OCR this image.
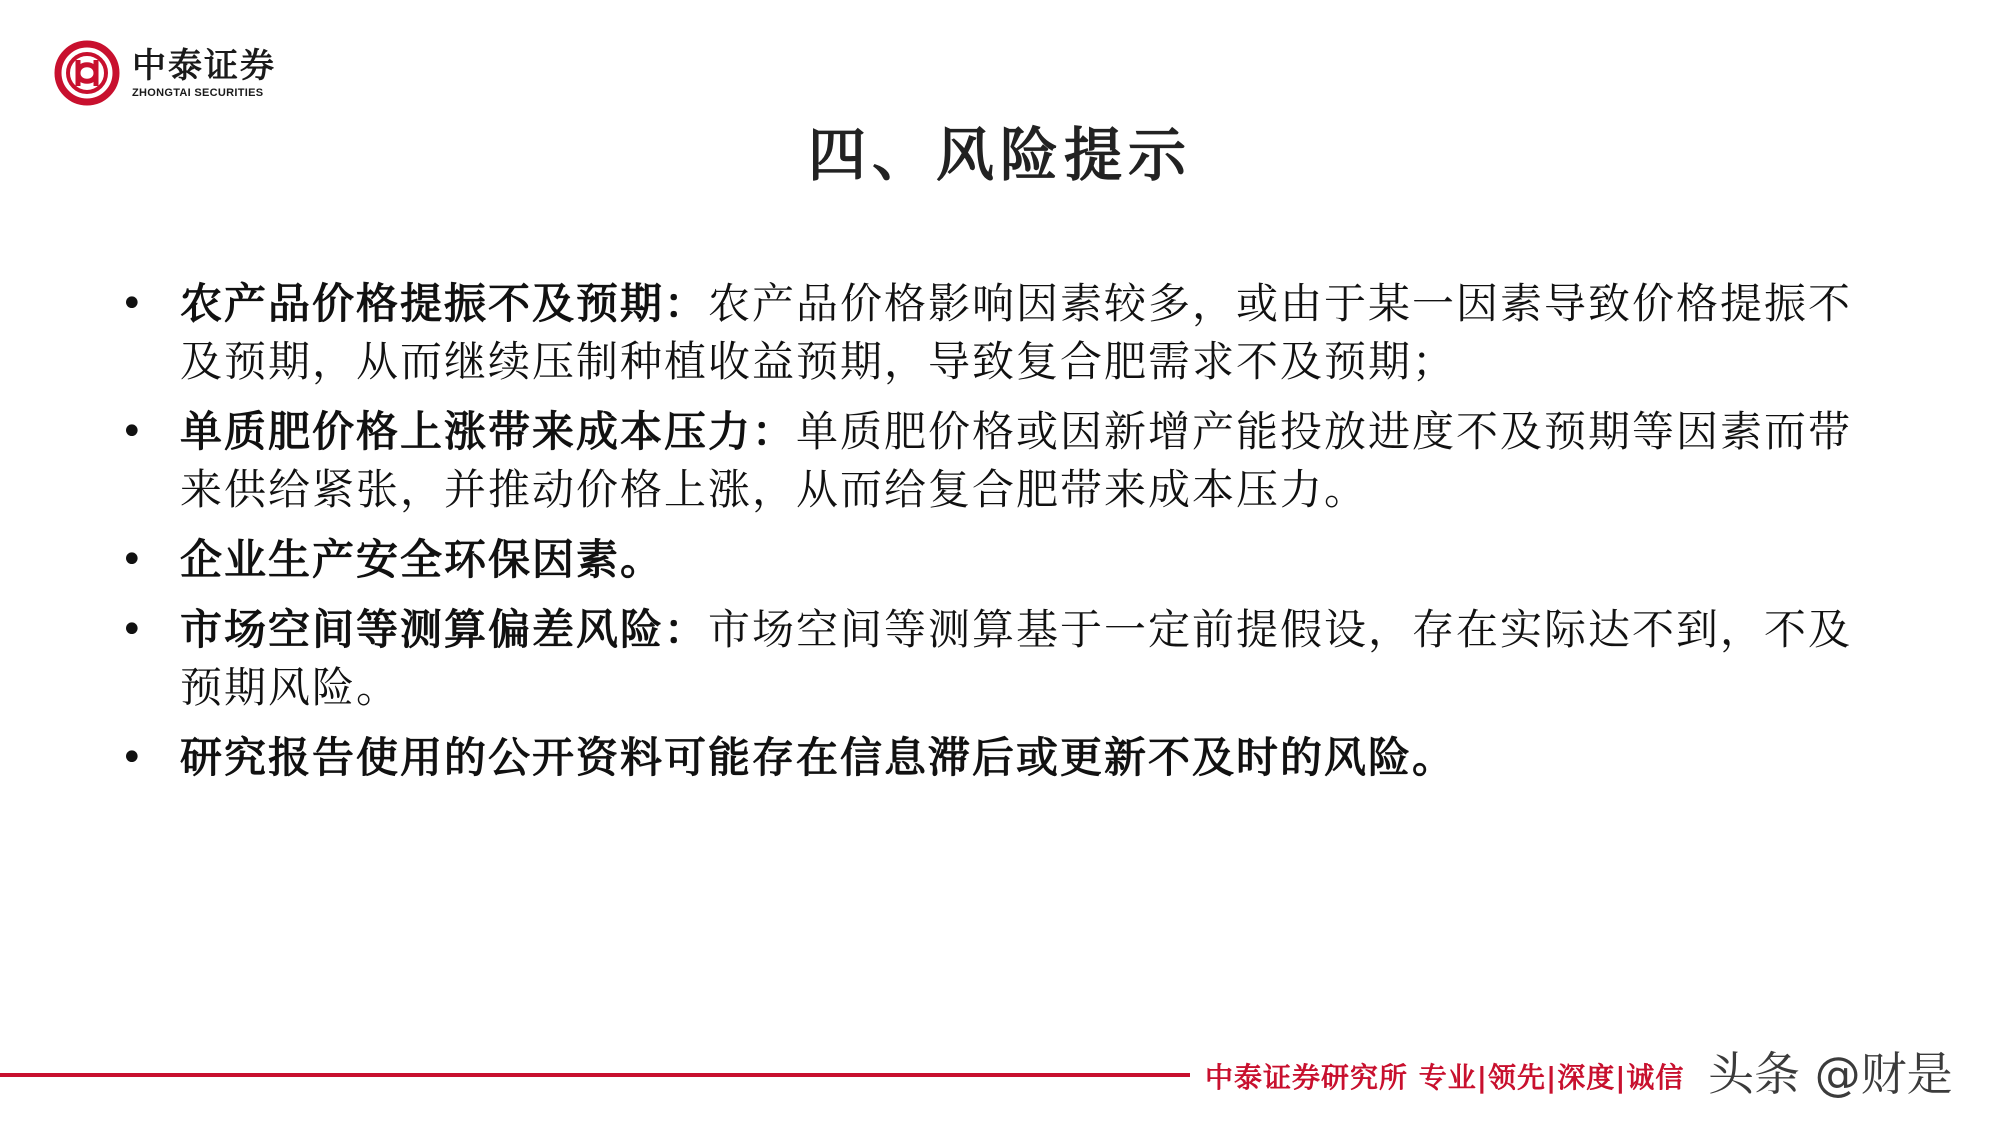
中泰证券
ZHONGTAI SECURITIES
四、风险提示
• 农产品价格提振不及预期：农产品价格影响因素较多，或由于某一因素导致价格提振不及预期，从而继续压制种植收益预期，导致复合肥需求不及预期；
• 单质肥价格上涨带来成本压力：单质肥价格或因新增产能投放进度不及预期等因素而带来供给紧张，并推动价格上涨，从而给复合肥带来成本压力。
• 企业生产安全环保因素。
• 市场空间等测算偏差风险：市场空间等测算基于一定前提假设，存在实际达不到，不及预期风险。
• 研究报告使用的公开资料可能存在信息滞后或更新不及时的风险。
中泰证券研究所 专业|领先|深度|诚信 头条 @财是
